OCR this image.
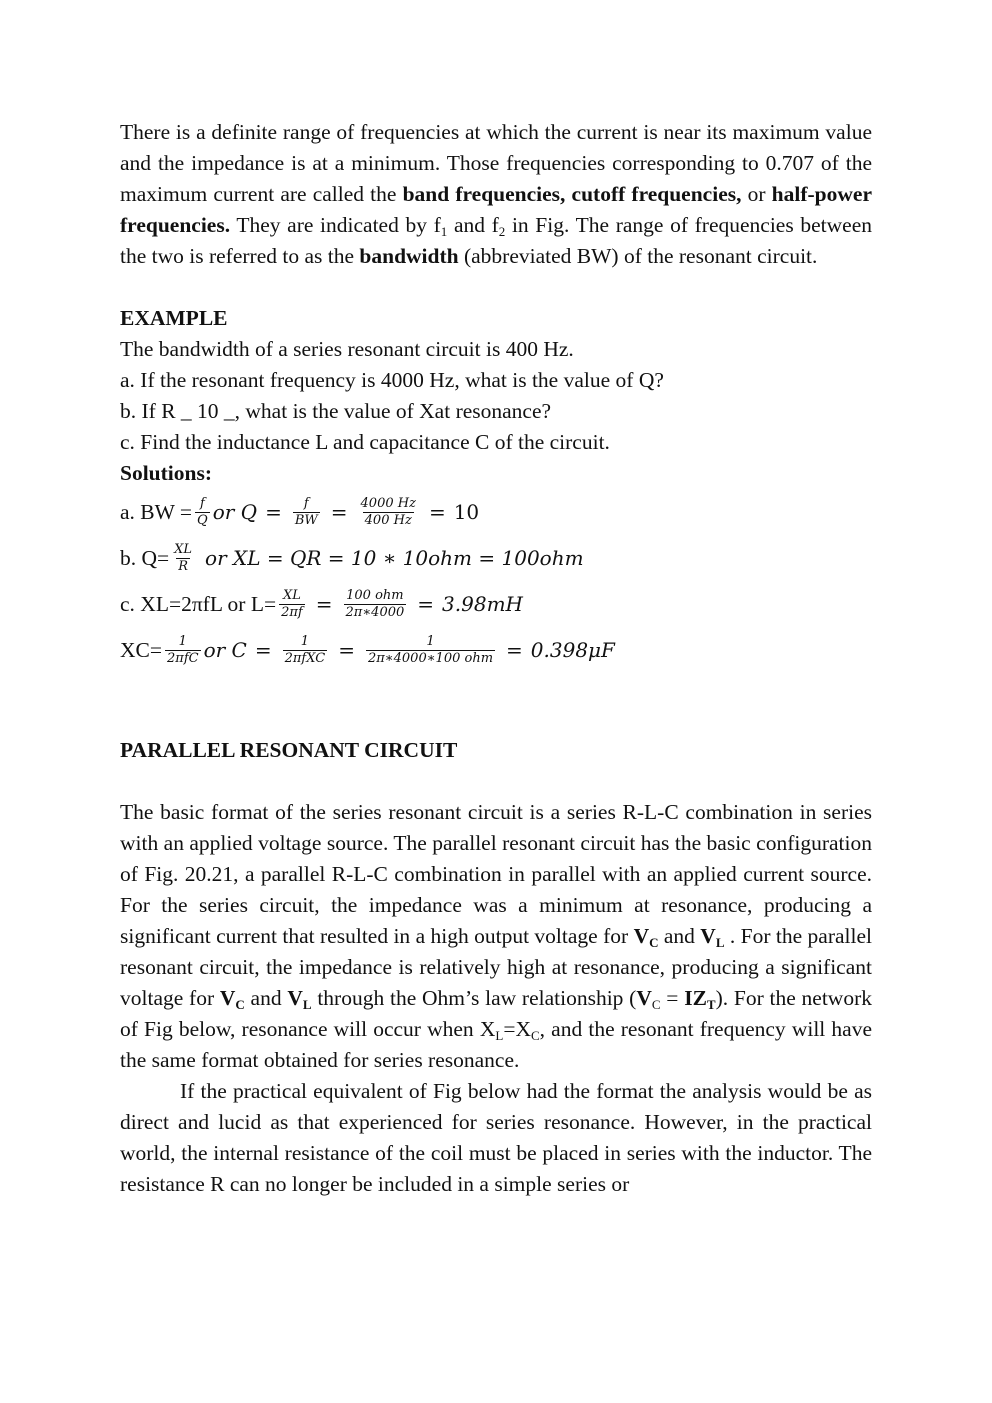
There is a definite range of frequencies at which the current is near its maximum value and the impedance is at a minimum. Those frequencies corresponding to 0.707 of the maximum current are called the band frequencies, cutoff frequencies, or half-power frequencies. They are indicated by $f_1$ and $f_2$ in Fig. The range of frequencies between the two is referred to as the bandwidth (abbreviated BW) of the resonant circuit.

EXAMPLE

The bandwidth of a series resonant circuit is 400 Hz.

a. If the resonant frequency is 4000 Hz, what is the value of Q?

b. If R _ 10 _, what is the value of Xat resonance?

c. Find the inductance L and capacitance C of the circuit.

Solutions:

a. BW = $\frac{f}{Q}$ or $Q = \frac{f}{BW} = \frac{4000 Hz}{400 Hz} = 10$
b. $Q= \frac{XL}{R}$ or XL = QR = 10 ∗ 10ohm = 100ohm
c. XL=2πfL or $L= \frac{XL}{2\pi f} = \frac{\text{100 ohm}}{2\pi∗4000} = 3.98mH$
$XC= \frac{1}{\text{2πfC}}$ or $C = \frac{1}{\text{2πfXC}} = \frac{1}{\text{2π∗4000∗100 ohm}} = 0.398\mu F$

PARALLEL RESONANT CIRCUIT

The basic format of the series resonant circuit is a series R-L-C combination in series with an applied voltage source. The parallel resonant circuit has the basic configuration of Fig. 20.21, a parallel R-L-C combination in parallel with an applied current source. For the series circuit, the impedance was a minimum at resonance, producing a significant current that resulted in a high output voltage for $V_C$ and $V_L$ . For the parallel resonant circuit, the impedance is relatively high at resonance, producing a significant voltage for $V_C$ and $V_L$ through the Ohm’s law relationship $(V_C = IZ_T)$. For the network of Fig below, resonance will occur when $X_L=X_C$, and the resonant frequency will have the same format obtained for series resonance.

If the practical equivalent of Fig below had the format the analysis would be as direct and lucid as that experienced for series resonance. However, in the practical world, the internal resistance of the coil must be placed in series with the inductor. The resistance R can no longer be included in a simple series or
